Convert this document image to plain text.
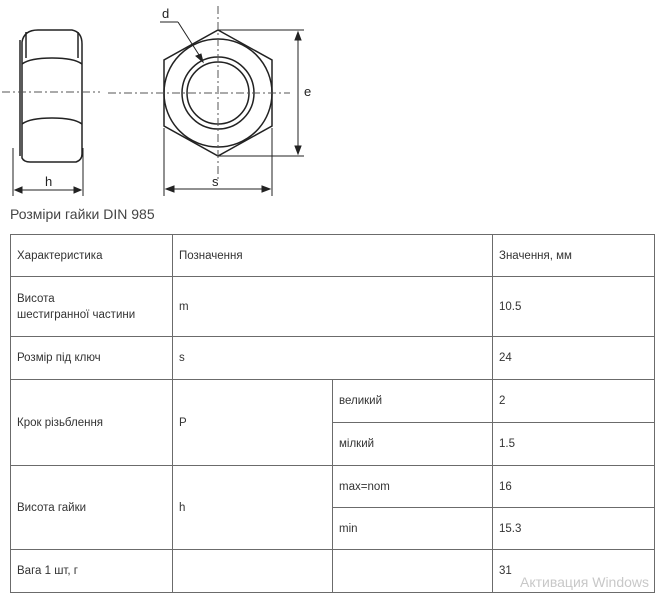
h
d
e
s
Розміри гайки DIN 985
Характеристика	Позначення		Значення, мм
Висота
шестигранної частини	m		10.5
Розмір під ключ	s		24
Крок різьблення	P	великий	2
		мілкий	1.5
Висота гайки	h	max=nom	16
		min	15.3
Вага 1 шт, г			31
Активация Windows
